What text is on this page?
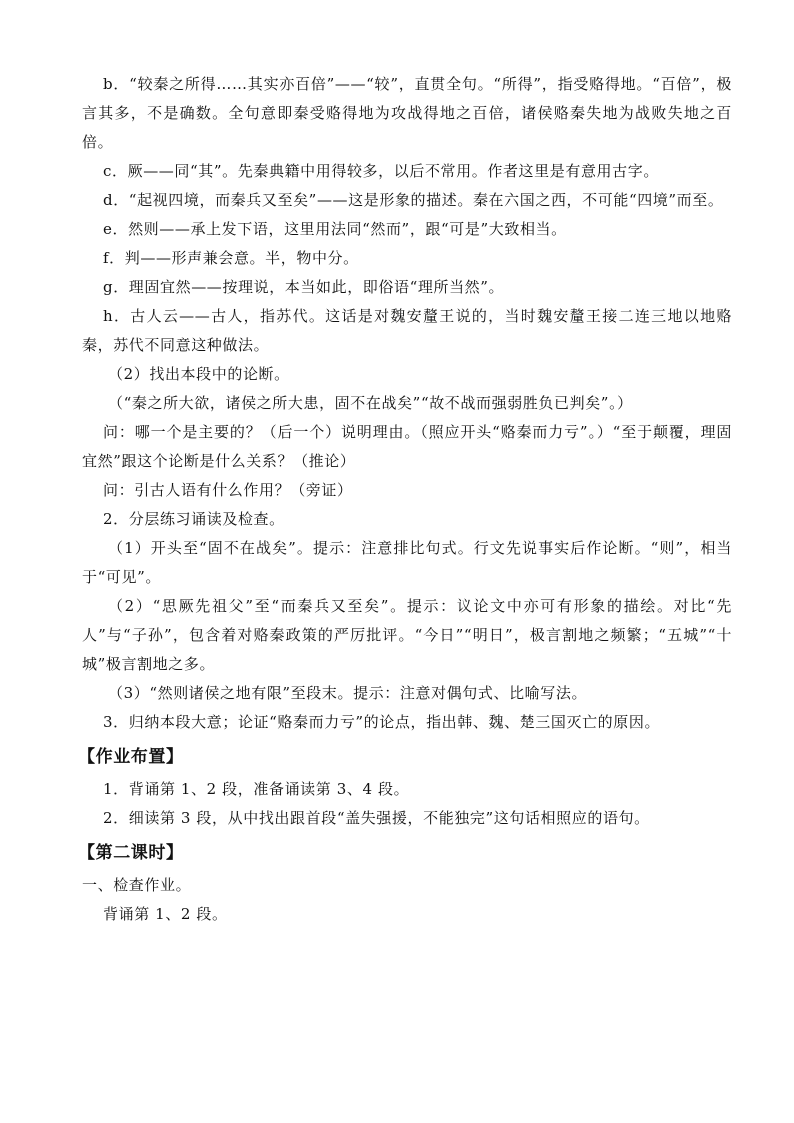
b．“较秦之所得……其实亦百倍”——“较”，直贯全句。“所得”，指受赂得地。“百倍”，极言其多，不是确数。全句意即秦受赂得地为攻战得地之百倍，诸侯赂秦失地为战败失地之百倍。

c．厥——同“其”。先秦典籍中用得较多，以后不常用。作者这里是有意用古字。

d．“起视四境，而秦兵又至矣”——这是形象的描述。秦在六国之西，不可能“四境”而至。

e．然则——承上发下语，这里用法同“然而”，跟“可是”大致相当。

f．判——形声兼会意。半，物中分。

g．理固宜然——按理说，本当如此，即俗语“理所当然”。

h．古人云——古人，指苏代。这话是对魏安釐王说的，当时魏安釐王接二连三地以地赂秦，苏代不同意这种做法。

（2）找出本段中的论断。

（“秦之所大欲，诸侯之所大患，固不在战矣”“故不战而强弱胜负已判矣”。）

问：哪一个是主要的？（后一个）说明理由。（照应开头“赂秦而力亏”。）“至于颠覆，理固宜然”跟这个论断是什么关系？（推论）

问：引古人语有什么作用？（旁证）

2．分层练习诵读及检查。

（1）开头至“固不在战矣”。提示：注意排比句式。行文先说事实后作论断。“则”，相当于“可见”。

（2）“思厥先祖父”至“而秦兵又至矣”。提示：议论文中亦可有形象的描绘。对比“先人”与“子孙”，包含着对赂秦政策的严厉批评。“今日”“明日”，极言割地之频繁；“五城”“十城”极言割地之多。

（3）“然则诸侯之地有限”至段末。提示：注意对偶句式、比喻写法。

3．归纳本段大意；论证“赂秦而力亏”的论点，指出韩、魏、楚三国灭亡的原因。

【作业布置】

1．背诵第 1、2 段，准备诵读第 3、4 段。

2．细读第 3 段，从中找出跟首段“盖失强援，不能独完”这句话相照应的语句。

【第二课时】

一、检查作业。

背诵第 1、2 段。
